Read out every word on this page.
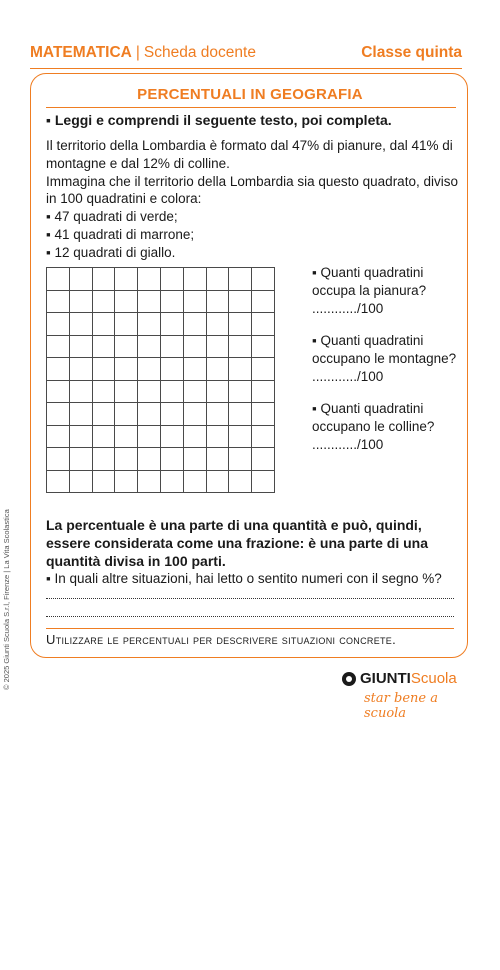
MATEMATICA | Scheda docente	Classe quinta
PERCENTUALI IN GEOGRAFIA
▪ Leggi e comprendi il seguente testo, poi completa.

Il territorio della Lombardia è formato dal 47% di pianure, dal 41% di montagne e dal 12% di colline.

Immagina che il territorio della Lombardia sia questo quadrato, diviso in 100 quadratini e colora:

▪ 47 quadrati di verde;

▪ 41 quadrati di marrone;

▪ 12 quadrati di giallo.

▪ Quanti quadratini
occupa la pianura?
............/100
▪ Quanti quadratini
occupano le montagne?
............/100
▪ Quanti quadratini
occupano le colline?
............/100
La percentuale è una parte di una quantità e può, quindi, essere considerata come una frazione: è una parte di una quantità divisa in 100 parti.
▪ In quali altre situazioni, hai letto o sentito numeri con il segno %?
Utilizzare le percentuali per descrivere situazioni concrete.
© 2025 Giunti Scuola S.r.l, Firenze | La Vita Scolastica	GIUNTIScuola
star bene a scuola
